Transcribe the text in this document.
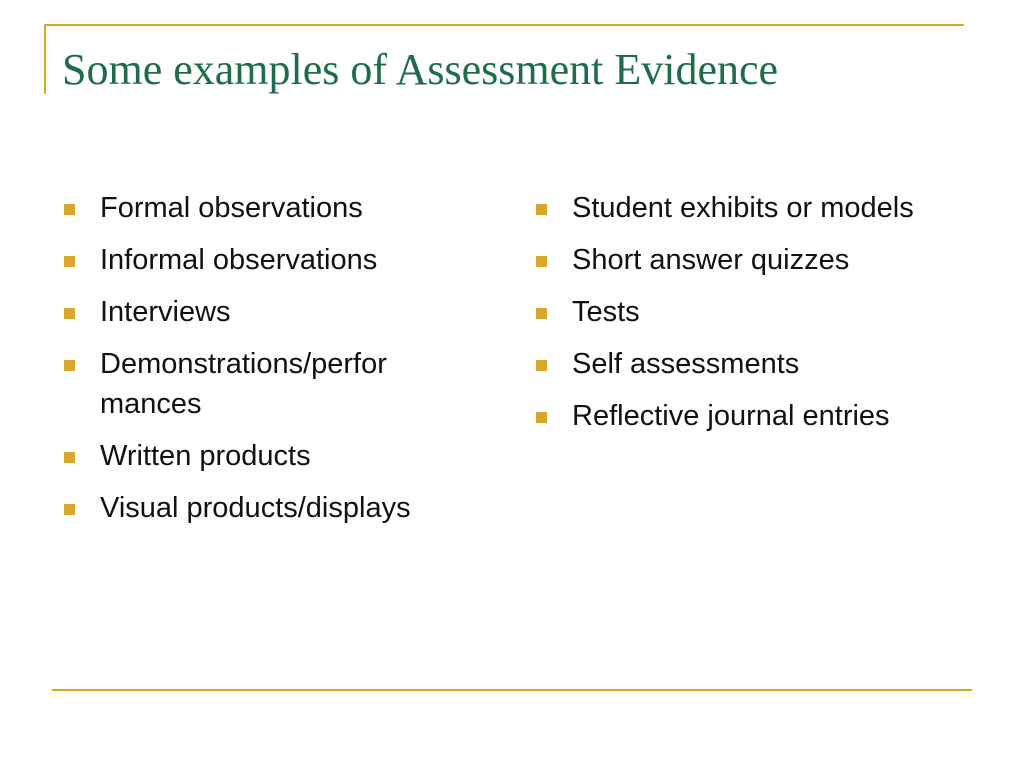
Some examples of Assessment Evidence
Formal observations
Informal observations
Interviews
Demonstrations/perfor mances
Written products
Visual products/displays
Student exhibits or models
Short answer quizzes
Tests
Self assessments
Reflective journal entries
